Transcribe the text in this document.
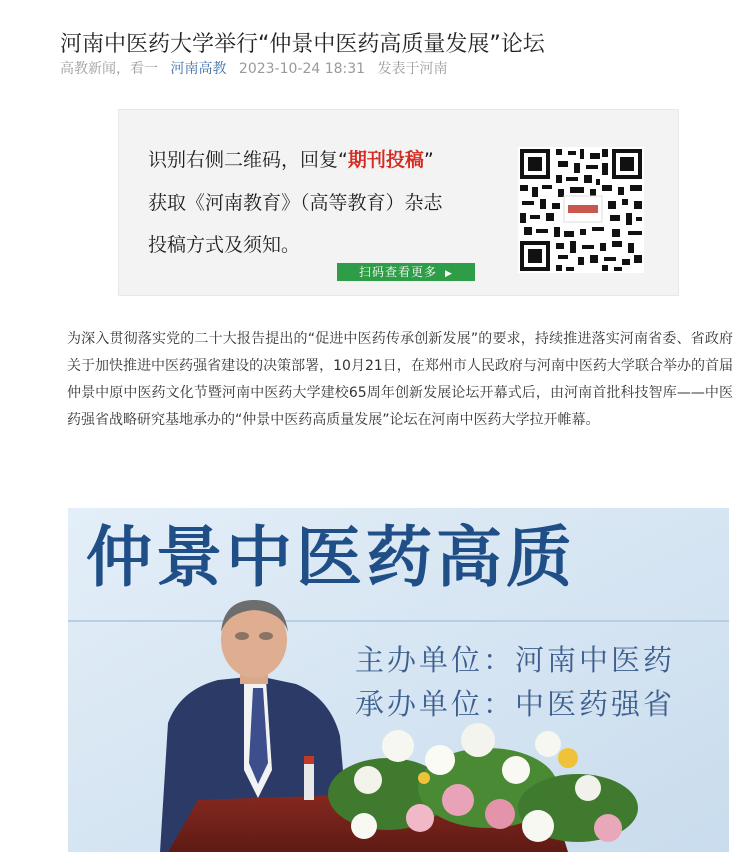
河南中医药大学举行“仲景中医药高质量发展”论坛
高教新闻，看一 河南高教 2023-10-24 18:31 发表于河南
识别右侧二维码，回复“期刊投稿”
获取《河南教育》（高等教育）杂志
投稿方式及须知。
扫码查看更多 ▶

为深入贯彻落实党的二十大报告提出的“促进中医药传承创新发展”的要求，持续推进落实河南省委、省政府关于加快推进中医药强省建设的决策部署，10月21日，在郑州市人民政府与河南中医药大学联合举办的首届仲景中原中医药文化节暨河南中医药大学建校65周年创新发展论坛开幕式后，由河南首批科技智库——中医药强省战略研究基地承办的“仲景中医药高质量发展”论坛在河南中医药大学拉开帷幕。

仲景中医药高质
主办单位：河南中医药
承办单位：中医药强省
